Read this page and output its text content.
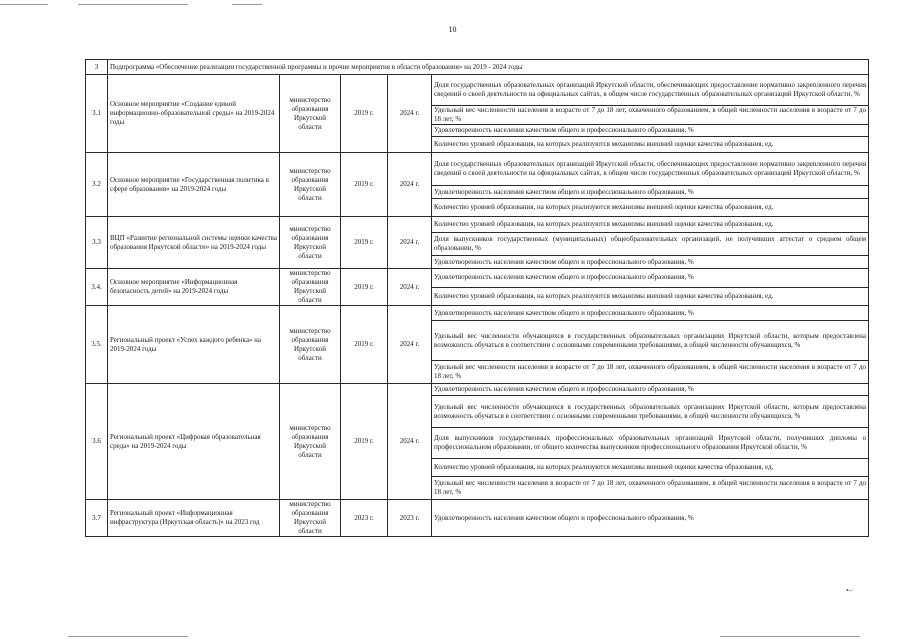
10
3	Подпрограмма «Обеспечение реализации государственной программы и прочие мероприятия в области образования» на 2019 - 2024 годы				
3.1	Основное мероприятие «Создание единой информационно-образовательной среды» на 2019-2024 годы	министерство образования Иркутской области	2019 г.	2024 г.	Доля государственных образовательных организаций Иркутской области, обеспечивающих предоставление нормативно закрепленного перечня сведений о своей деятельности на официальных сайтах, в общем числе государственных образовательных организаций Иркутской области, %
					Удельный вес численности населения в возрасте от 7 до 18 лет, охваченного образованием, в общей численности населения в возрасте от 7 до 18 лет, %
					Удовлетворенность населения качеством общего и профессионального образования, %
					Количество уровней образования, на которых реализуются механизмы внешней оценки качества образования, ед.
3.2	Основное мероприятие «Государственная политика в сфере образования» на 2019-2024 годы	министерство образования Иркутской области	2019 г.	2024 г.	Доля государственных образовательных организаций Иркутской области, обеспечивающих предоставление нормативно закрепленного перечня сведений о своей деятельности на официальных сайтах, в общем числе государственных образовательных организаций Иркутской области, %
					Удовлетворенность населения качеством общего и профессионального образования, %
					Количество уровней образования, на которых реализуются механизмы внешней оценки качества образования, ед.
3.3	ВЦП «Развитие региональной системы оценки качества образования Иркутской области» на 2019-2024 годы	министерство образования Иркутской области	2019 г.	2024 г.	Количество уровней образования, на которых реализуются механизмы внешней оценки качества образования, ед.
					Доля выпускников государственных (муниципальных) общеобразовательных организаций, не получивших аттестат о среднем общем образовании, %
					Удовлетворенность населения качеством общего и профессионального образования, %
3.4.	Основное мероприятие «Информационная безопасность детей» на 2019-2024 годы	министерство образования Иркутской области	2019 г.	2024 г.	Удовлетворенность населения качеством общего и профессионального образования, %
					Количество уровней образования, на которых реализуются механизмы внешней оценки качества образования, ед.
3.5.	Региональный проект «Успех каждого ребенка» на 2019-2024 годы	министерство образования Иркутской области	2019 г.	2024 г.	Удовлетворенность населения качеством общего и профессионального образования, %
					Удельный вес численности обучающихся в государственных образовательных организациях Иркутской области, которым предоставлена возможность обучаться в соответствии с основными современными требованиями, в общей численности обучающихся, %
					Удельный вес численности населения в возрасте от 7 до 18 лет, охваченного образованием, в общей численности населения в возрасте от 7 до 18 лет, %
3.6	Региональный проект «Цифровая образовательная среда» на 2019-2024 годы	министерство образования Иркутской области	2019 г.	2024 г.	Удовлетворенность населения качеством общего и профессионального образования, %
					Удельный вес численности обучающихся в государственных образовательных организациях Иркутской области, которым предоставлена возможность обучаться в соответствии с основными современными требованиями, в общей численности обучающихся, %
					Доля выпускников государственных профессиональных образовательных организаций Иркутской области, получивших дипломы о профессиональном образовании, от общего количества выпускников профессионального образования Иркутской области, %
					Количество уровней образования, на которых реализуются механизмы внешней оценки качества образования, ед.
					Удельный вес численности населения в возрасте от 7 до 18 лет, охваченного образованием, в общей численности населения в возрасте от 7 до 18 лет, %
3.7	Региональный проект «Информационная инфраструктура (Иркутская область)» на 2023 год	министерство образования Иркутской области	2023 г.	2023 г.	Удовлетворенность населения качеством общего и профессионального образования, %
•-·
